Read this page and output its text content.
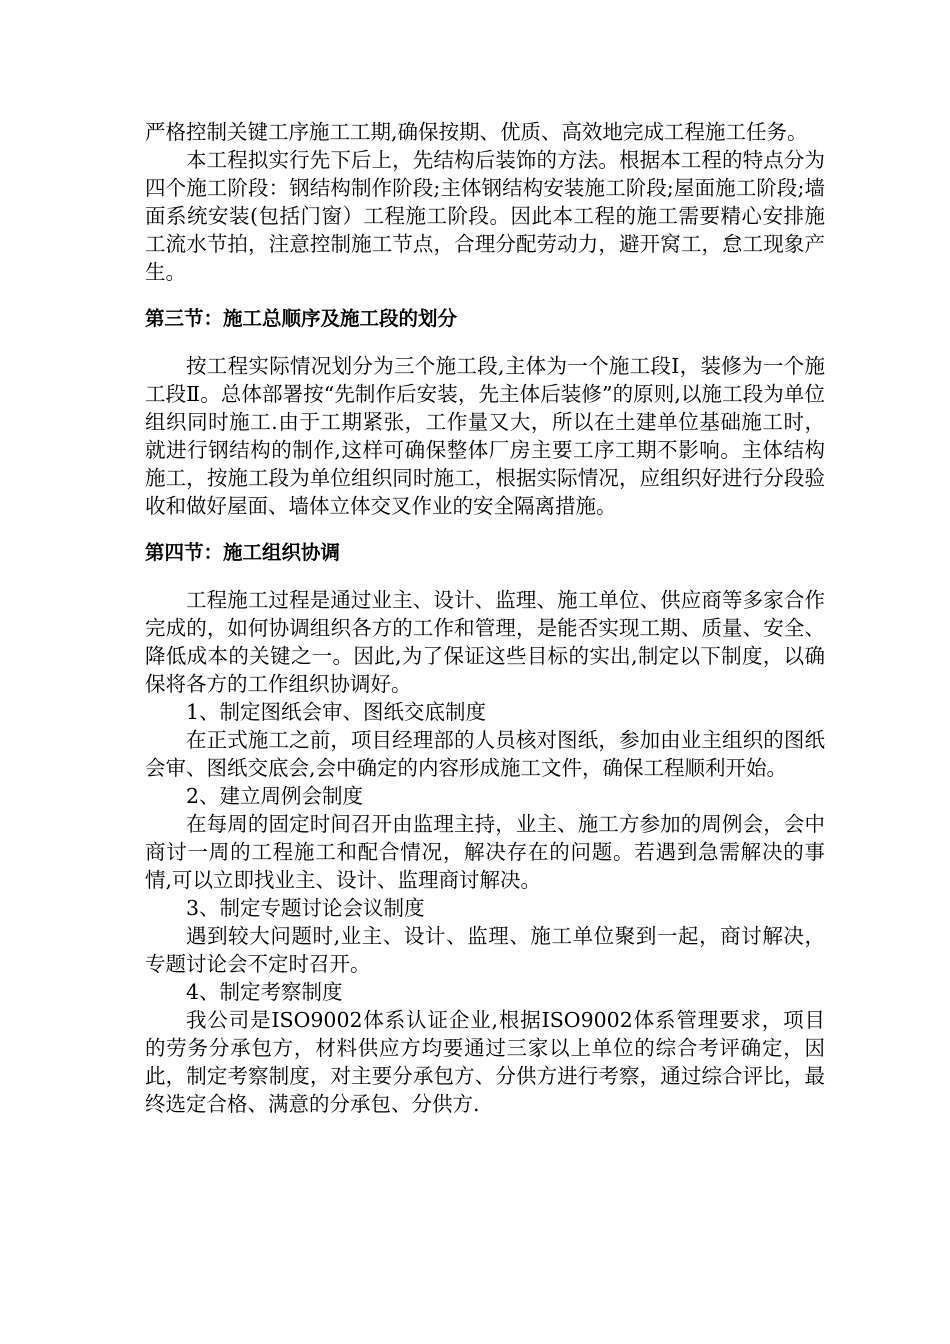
严格控制关键工序施工工期,确保按期、优质、高效地完成工程施工任务。

本工程拟实行先下后上，先结构后装饰的方法。根据本工程的特点分为四个施工阶段：钢结构制作阶段;主体钢结构安装施工阶段;屋面施工阶段;墙面系统安装(包括门窗）工程施工阶段。因此本工程的施工需要精心安排施工流水节拍，注意控制施工节点，合理分配劳动力，避开窝工，怠工现象产生。

第三节：施工总顺序及施工段的划分

按工程实际情况划分为三个施工段,主体为一个施工段Ⅰ，装修为一个施工段Ⅱ。总体部署按“先制作后安装，先主体后装修”的原则,以施工段为单位组织同时施工.由于工期紧张，工作量又大，所以在土建单位基础施工时，就进行钢结构的制作,这样可确保整体厂房主要工序工期不影响。主体结构施工，按施工段为单位组织同时施工，根据实际情况，应组织好进行分段验收和做好屋面、墙体立体交叉作业的安全隔离措施。

第四节：施工组织协调

工程施工过程是通过业主、设计、监理、施工单位、供应商等多家合作完成的，如何协调组织各方的工作和管理，是能否实现工期、质量、安全、降低成本的关键之一。因此,为了保证这些目标的实出,制定以下制度，以确保将各方的工作组织协调好。

1、制定图纸会审、图纸交底制度

在正式施工之前，项目经理部的人员核对图纸，参加由业主组织的图纸会审、图纸交底会,会中确定的内容形成施工文件，确保工程顺利开始。

2、建立周例会制度

在每周的固定时间召开由监理主持，业主、施工方参加的周例会，会中商讨一周的工程施工和配合情况，解决存在的问题。若遇到急需解决的事情,可以立即找业主、设计、监理商讨解决。

3、制定专题讨论会议制度

遇到较大问题时,业主、设计、监理、施工单位聚到一起，商讨解决，专题讨论会不定时召开。

4、制定考察制度

我公司是ISO9002体系认证企业,根据ISO9002体系管理要求，项目的劳务分承包方，材料供应方均要通过三家以上单位的综合考评确定，因此，制定考察制度，对主要分承包方、分供方进行考察，通过综合评比，最终选定合格、满意的分承包、分供方.
